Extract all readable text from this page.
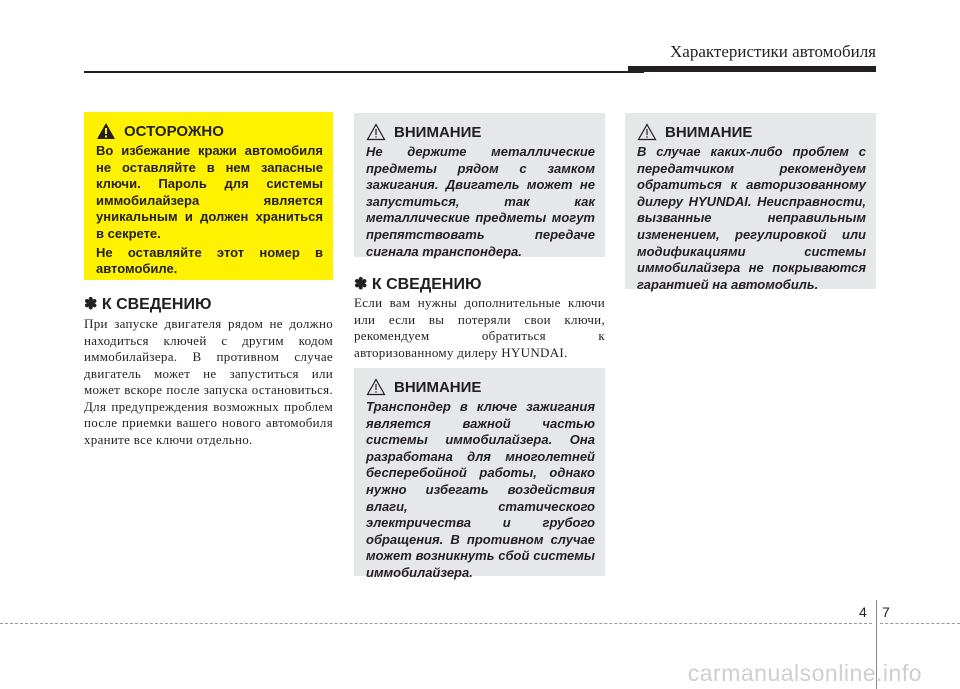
Характеристики автомобиля
ОСТОРОЖНО
Во избежание кражи автомобиля не оставляйте в нем запасные ключи. Пароль для системы иммобилайзера является уникальным и должен храниться в секрете.
Не оставляйте этот номер в автомобиле.
✽ К СВЕДЕНИЮ
При запуске двигателя рядом не должно находиться ключей с другим кодом иммобилайзера. В противном случае двигатель может не запуститься или может вскоре после запуска остановиться. Для предупреждения возможных проблем после приемки вашего нового автомобиля храните все ключи отдельно.
ВНИМАНИЕ
Не держите металлические предметы рядом с замком зажигания. Двигатель может не запуститься, так как металлические предметы могут препятствовать передаче сигнала транспондера.
✽ К СВЕДЕНИЮ
Если вам нужны дополнительные ключи или если вы потеряли свои ключи, рекомендуем обратиться к авторизованному дилеру HYUNDAI.
ВНИМАНИЕ
Транспондер в ключе зажигания является важной частью системы иммобилайзера. Она разработана для многолетней бесперебойной работы, однако нужно избегать воздействия влаги, статического электричества и грубого обращения. В противном случае может возникнуть сбой системы иммобилайзера.
ВНИМАНИЕ
В случае каких-либо проблем с передатчиком рекомендуем обратиться к авторизованному дилеру HYUNDAI. Неисправности, вызванные неправильным изменением, регулировкой или модификациями системы иммобилайзера не покрываются гарантией на автомобиль.
4 7
carmanualsonline.info
